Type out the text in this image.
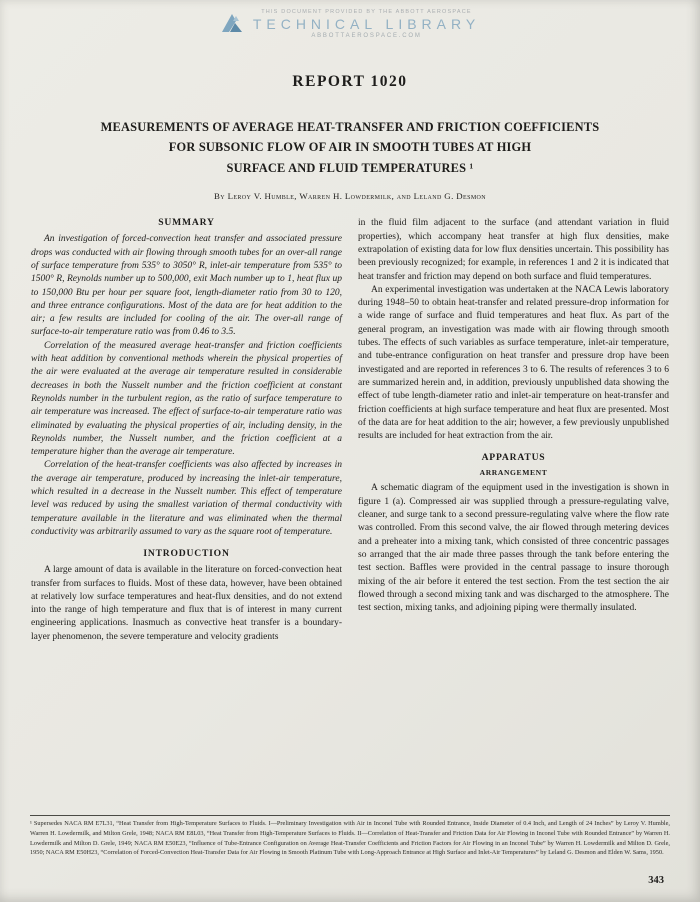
THIS DOCUMENT PROVIDED BY THE ABBOTT AEROSPACE
TECHNICAL LIBRARY
ABBOTTAEROSPACE.COM
REPORT 1020
MEASUREMENTS OF AVERAGE HEAT-TRANSFER AND FRICTION COEFFICIENTS
FOR SUBSONIC FLOW OF AIR IN SMOOTH TUBES AT HIGH
SURFACE AND FLUID TEMPERATURES ¹
By Leroy V. Humble, Warren H. Lowdermilk, and Leland G. Desmon
SUMMARY

An investigation of forced-convection heat transfer and associated pressure drops was conducted with air flowing through smooth tubes for an over-all range of surface temperature from 535° to 3050° R, inlet-air temperature from 535° to 1500° R, Reynolds number up to 500,000, exit Mach number up to 1, heat flux up to 150,000 Btu per hour per square foot, length-diameter ratio from 30 to 120, and three entrance configurations. Most of the data are for heat addition to the air; a few results are included for cooling of the air. The over-all range of surface-to-air temperature ratio was from 0.46 to 3.5.

Correlation of the measured average heat-transfer and friction coefficients with heat addition by conventional methods wherein the physical properties of the air were evaluated at the average air temperature resulted in considerable decreases in both the Nusselt number and the friction coefficient at constant Reynolds number in the turbulent region, as the ratio of surface temperature to air temperature was increased. The effect of surface-to-air temperature ratio was eliminated by evaluating the physical properties of air, including density, in the Reynolds number, the Nusselt number, and the friction coefficient at a temperature higher than the average air temperature.

Correlation of the heat-transfer coefficients was also affected by increases in the average air temperature, produced by increasing the inlet-air temperature, which resulted in a decrease in the Nusselt number. This effect of temperature level was reduced by using the smallest variation of thermal conductivity with temperature available in the literature and was eliminated when the thermal conductivity was arbitrarily assumed to vary as the square root of temperature.

INTRODUCTION

A large amount of data is available in the literature on forced-convection heat transfer from surfaces to fluids. Most of these data, however, have been obtained at relatively low surface temperatures and heat-flux densities, and do not extend into the range of high temperature and flux that is of interest in many current engineering applications. Inasmuch as convective heat transfer is a boundary-layer phenomenon, the severe temperature and velocity gradients

in the fluid film adjacent to the surface (and attendant variation in fluid properties), which accompany heat transfer at high flux densities, make extrapolation of existing data for low flux densities uncertain. This possibility has been previously recognized; for example, in references 1 and 2 it is indicated that heat transfer and friction may depend on both surface and fluid temperatures.

An experimental investigation was undertaken at the NACA Lewis laboratory during 1948–50 to obtain heat-transfer and related pressure-drop information for a wide range of surface and fluid temperatures and heat flux. As part of the general program, an investigation was made with air flowing through smooth tubes. The effects of such variables as surface temperature, inlet-air temperature, and tube-entrance configuration on heat transfer and pressure drop have been investigated and are reported in references 3 to 6. The results of references 3 to 6 are summarized herein and, in addition, previously unpublished data showing the effect of tube length-diameter ratio and inlet-air temperature on heat-transfer and friction coefficients at high surface temperature and heat flux are presented. Most of the data are for heat addition to the air; however, a few previously unpublished results are included for heat extraction from the air.

APPARATUS
ARRANGEMENT

A schematic diagram of the equipment used in the investigation is shown in figure 1 (a). Compressed air was supplied through a pressure-regulating valve, cleaner, and surge tank to a second pressure-regulating valve where the flow rate was controlled. From this second valve, the air flowed through metering devices and a preheater into a mixing tank, which consisted of three concentric passages so arranged that the air made three passes through the tank before entering the test section. Baffles were provided in the central passage to insure thorough mixing of the air before it entered the test section. From the test section the air flowed through a second mixing tank and was discharged to the atmosphere. The test section, mixing tanks, and adjoining piping were thermally insulated.

¹ Supersedes NACA RM E7L31, “Heat Transfer from High-Temperature Surfaces to Fluids. I—Preliminary Investigation with Air in Inconel Tube with Rounded Entrance, Inside Diameter of 0.4 Inch, and Length of 24 Inches” by Leroy V. Humble, Warren H. Lowdermilk, and Milton Grele, 1948; NACA RM E8L03, “Heat Transfer from High-Temperature Surfaces to Fluids. II—Correlation of Heat-Transfer and Friction Data for Air Flowing in Inconel Tube with Rounded Entrance” by Warren H. Lowdermilk and Milton D. Grele, 1949; NACA RM E50E23, “Influence of Tube-Entrance Configuration on Average Heat-Transfer Coefficients and Friction Factors for Air Flowing in an Inconel Tube” by Warren H. Lowdermilk and Milton D. Grele, 1950; NACA RM E50H23, “Correlation of Forced-Convection Heat-Transfer Data for Air Flowing in Smooth Platinum Tube with Long-Approach Entrance at High Surface and Inlet-Air Temperatures” by Leland G. Desmon and Elden W. Sams, 1950.
343
